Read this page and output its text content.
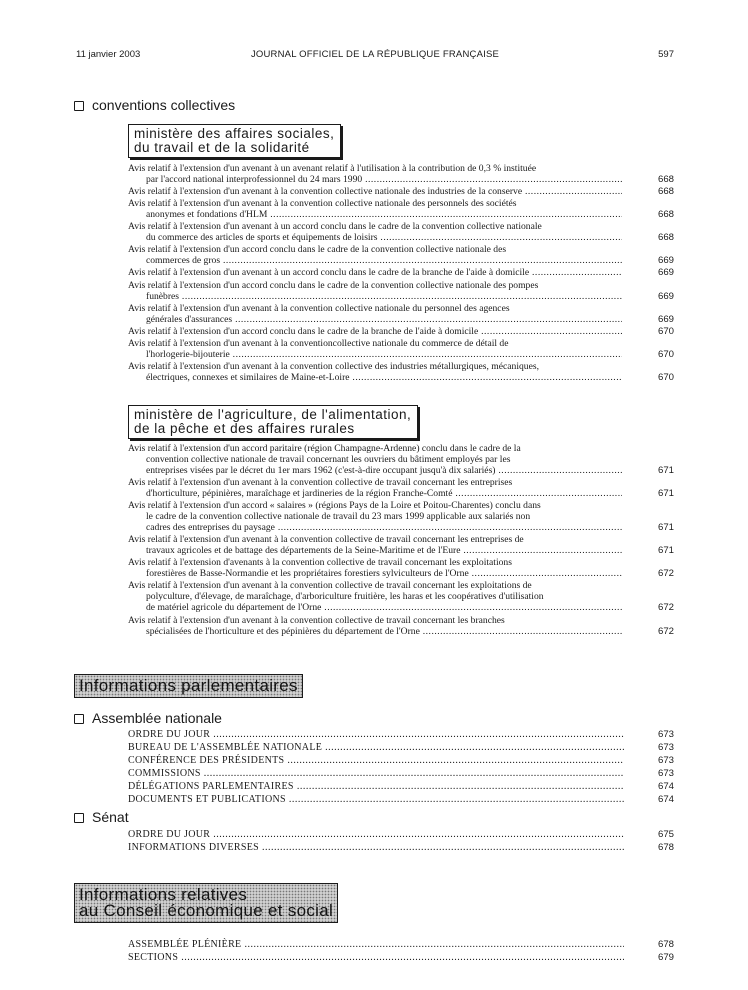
11 janvier 2003	JOURNAL OFFICIEL DE LA RÉPUBLIQUE FRANÇAISE	597
conventions collectives
ministère des affaires sociales,
du travail et de la solidarité
Avis relatif à l'extension d'un avenant à un avenant relatif à l'utilisation à la contribution de 0,3 % instituée
par l'accord national interprofessionnel du 24 mars 1990 .....	668
Avis relatif à l'extension d'un avenant à la convention collective nationale des industries de la conserve .....	668
Avis relatif à l'extension d'un avenant à la convention collective nationale des personnels des sociétés
anonymes et fondations d'HLM .....	668
Avis relatif à l'extension d'un avenant à un accord conclu dans le cadre de la convention collective nationale
du commerce des articles de sports et équipements de loisirs .....	668
Avis relatif à l'extension d'un accord conclu dans le cadre de la convention collective nationale des
commerces de gros .....	669
Avis relatif à l'extension d'un avenant à un accord conclu dans le cadre de la branche de l'aide à domicile .....	669
Avis relatif à l'extension d'un accord conclu dans le cadre de la convention collective nationale des pompes
funèbres .....	669
Avis relatif à l'extension d'un avenant à la convention collective nationale du personnel des agences
générales d'assurances .....	669
Avis relatif à l'extension d'un accord conclu dans le cadre de la branche de l'aide à domicile .....	670
Avis relatif à l'extension d'un avenant à la conventioncollective nationale du commerce de détail de
l'horlogerie-bijouterie .....	670
Avis relatif à l'extension d'un avenant à la convention collective des industries métallurgiques, mécaniques,
électriques, connexes et similaires de Maine-et-Loire .....	670
ministère de l'agriculture, de l'alimentation,
de la pêche et des affaires rurales
Avis relatif à l'extension d'un accord paritaire (région Champagne-Ardenne) conclu dans le cadre de la
convention collective nationale de travail concernant les ouvriers du bâtiment employés par les
entreprises visées par le décret du 1er mars 1962 (c'est-à-dire occupant jusqu'à dix salariés) .....	671
Avis relatif à l'extension d'un avenant à la convention collective de travail concernant les entreprises
d'horticulture, pépinières, maraîchage et jardineries de la région Franche-Comté .....	671
Avis relatif à l'extension d'un accord « salaires » (régions Pays de la Loire et Poitou-Charentes) conclu dans
le cadre de la convention collective nationale de travail du 23 mars 1999 applicable aux salariés non
cadres des entreprises du paysage .....	671
Avis relatif à l'extension d'un avenant à la convention collective de travail concernant les entreprises de
travaux agricoles et de battage des départements de la Seine-Maritime et de l'Eure .....	671
Avis relatif à l'extension d'avenants à la convention collective de travail concernant les exploitations
forestières de Basse-Normandie et les propriétaires forestiers sylviculteurs de l'Orne .....	672
Avis relatif à l'extension d'un avenant à la convention collective de travail concernant les exploitations de
polyculture, d'élevage, de maraîchage, d'arboriculture fruitière, les haras et les coopératives d'utilisation
de matériel agricole du département de l'Orne .....	672
Avis relatif à l'extension d'un avenant à la convention collective de travail concernant les branches
spécialisées de l'horticulture et des pépinières du département de l'Orne .....	672
Informations parlementaires
Assemblée nationale
ORDRE DU JOUR .....	673
BUREAU DE L'ASSEMBLÉE NATIONALE .....	673
CONFÉRENCE DES PRÉSIDENTS .....	673
COMMISSIONS .....	673
DÉLÉGATIONS PARLEMENTAIRES .....	674
DOCUMENTS ET PUBLICATIONS .....	674
Sénat
ORDRE DU JOUR .....	675
INFORMATIONS DIVERSES .....	678
Informations relatives
au Conseil économique et social
ASSEMBLÉE PLÉNIÈRE .....	678
SECTIONS .....	679
